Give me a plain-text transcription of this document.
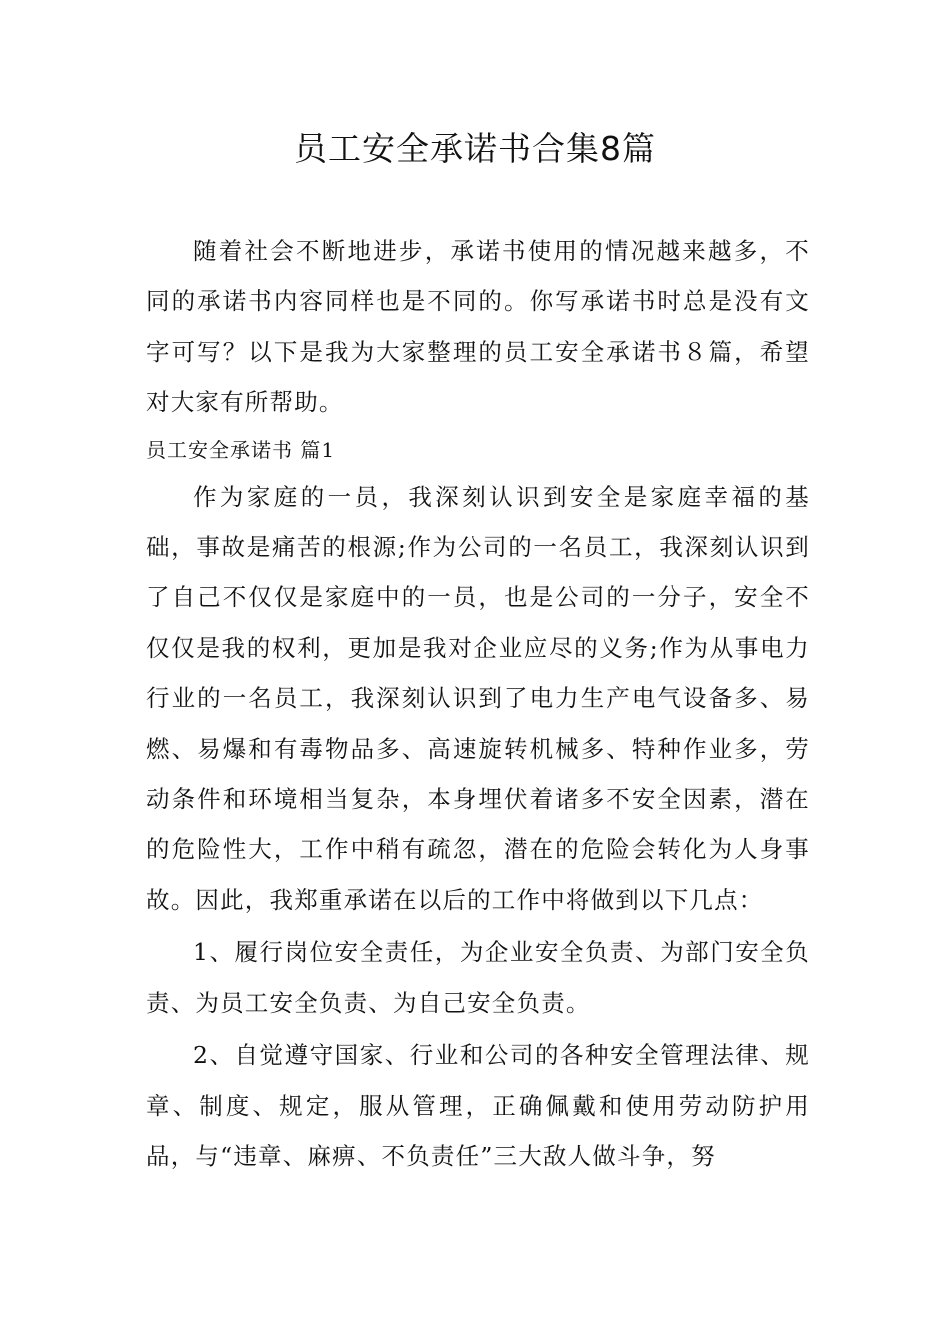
员工安全承诺书合集8篇

随着社会不断地进步，承诺书使用的情况越来越多，不同的承诺书内容同样也是不同的。你写承诺书时总是没有文字可写？以下是我为大家整理的员工安全承诺书８篇，希望对大家有所帮助。

员工安全承诺书 篇1

作为家庭的一员，我深刻认识到安全是家庭幸福的基础，事故是痛苦的根源;作为公司的一名员工，我深刻认识到了自己不仅仅是家庭中的一员，也是公司的一分子，安全不仅仅是我的权利，更加是我对企业应尽的义务;作为从事电力行业的一名员工，我深刻认识到了电力生产电气设备多、易燃、易爆和有毒物品多、高速旋转机械多、特种作业多，劳动条件和环境相当复杂，本身埋伏着诸多不安全因素，潜在的危险性大，工作中稍有疏忽，潜在的危险会转化为人身事故。因此，我郑重承诺在以后的工作中将做到以下几点：

1、履行岗位安全责任，为企业安全负责、为部门安全负责、为员工安全负责、为自己安全负责。

2、自觉遵守国家、行业和公司的各种安全管理法律、规章、制度、规定，服从管理，正确佩戴和使用劳动防护用品，与“违章、麻痹、不负责任”三大敌人做斗争，努
